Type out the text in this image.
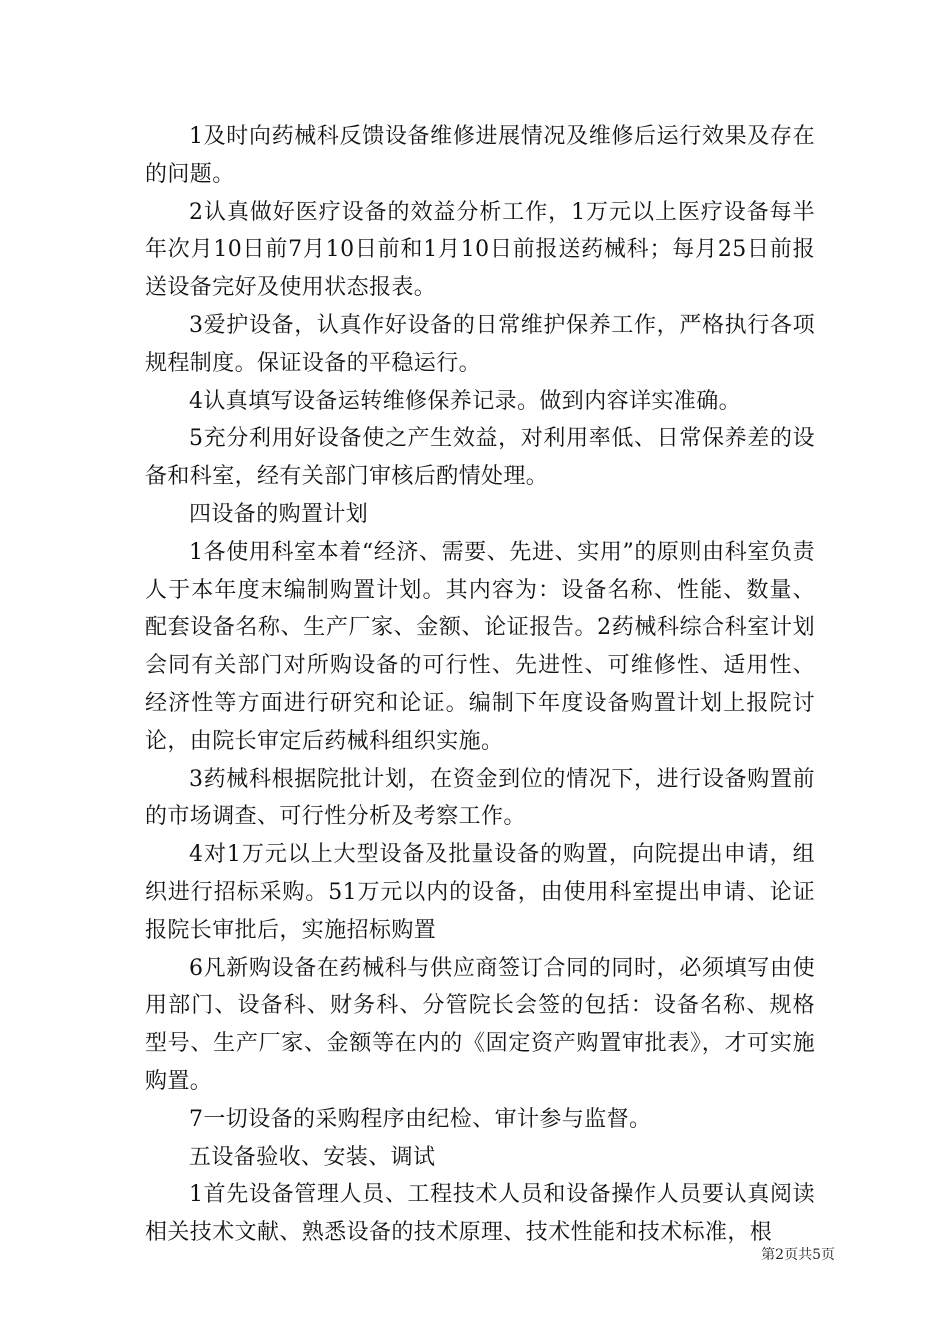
1及时向药械科反馈设备维修进展情况及维修后运行效果及存在的问题。

2认真做好医疗设备的效益分析工作，1万元以上医疗设备每半年次月10日前7月10日前和1月10日前报送药械科；每月25日前报送设备完好及使用状态报表。

3爱护设备，认真作好设备的日常维护保养工作，严格执行各项规程制度。保证设备的平稳运行。

4认真填写设备运转维修保养记录。做到内容详实准确。

5充分利用好设备使之产生效益，对利用率低、日常保养差的设备和科室，经有关部门审核后酌情处理。

四设备的购置计划

1各使用科室本着“经济、需要、先进、实用”的原则由科室负责人于本年度末编制购置计划。其内容为：设备名称、性能、数量、配套设备名称、生产厂家、金额、论证报告。2药械科综合科室计划会同有关部门对所购设备的可行性、先进性、可维修性、适用性、经济性等方面进行研究和论证。编制下年度设备购置计划上报院讨论，由院长审定后药械科组织实施。

3药械科根据院批计划，在资金到位的情况下，进行设备购置前的市场调查、可行性分析及考察工作。

4对1万元以上大型设备及批量设备的购置，向院提出申请，组织进行招标采购。51万元以内的设备，由使用科室提出申请、论证报院长审批后，实施招标购置

6凡新购设备在药械科与供应商签订合同的同时，必须填写由使用部门、设备科、财务科、分管院长会签的包括：设备名称、规格型号、生产厂家、金额等在内的《固定资产购置审批表》，才可实施购置。

7一切设备的采购程序由纪检、审计参与监督。

五设备验收、安装、调试

1首先设备管理人员、工程技术人员和设备操作人员要认真阅读相关技术文献、熟悉设备的技术原理、技术性能和技术标准，根

第2页共5页
